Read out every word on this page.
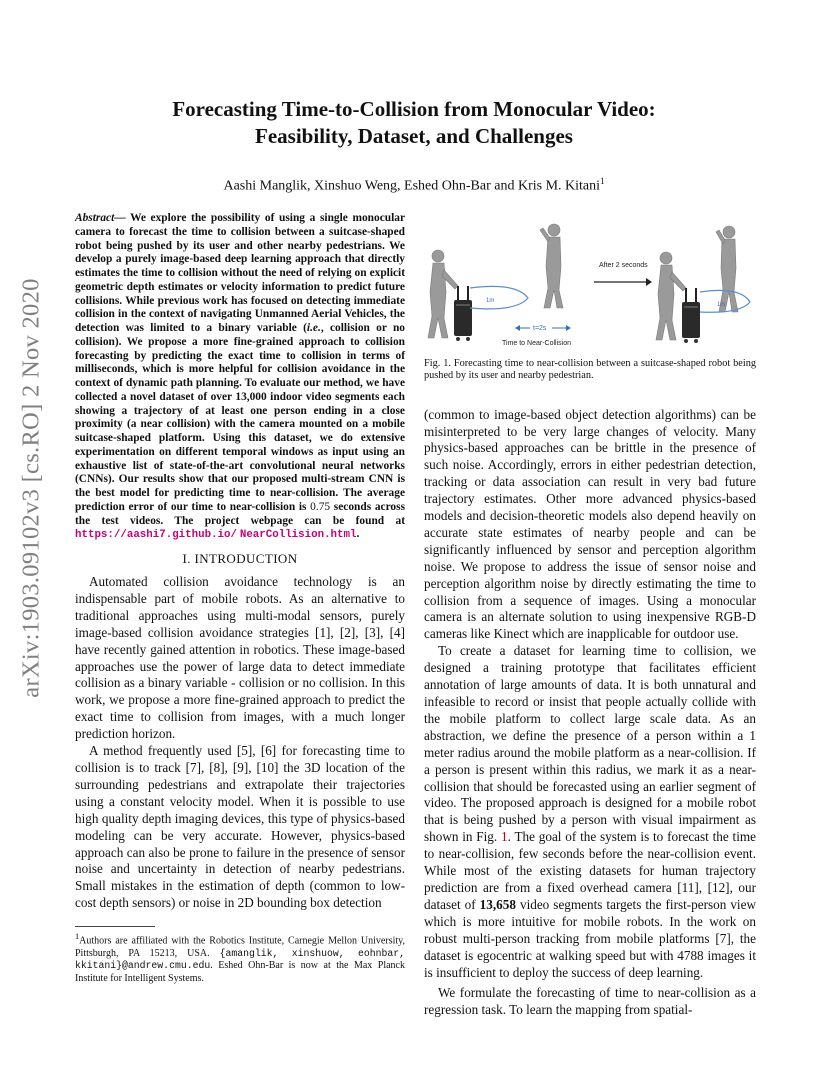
arXiv:1903.09102v3 [cs.RO] 2 Nov 2020
Forecasting Time-to-Collision from Monocular Video:
Feasibility, Dataset, and Challenges
Aashi Manglik, Xinshuo Weng, Eshed Ohn-Bar and Kris M. Kitani$^1$
Abstract— We explore the possibility of using a single monocular camera to forecast the time to collision between a suitcase-shaped robot being pushed by its user and other nearby pedestrians. We develop a purely image-based deep learning approach that directly estimates the time to collision without the need of relying on explicit geometric depth estimates or velocity information to predict future collisions. While previous work has focused on detecting immediate collision in the context of navigating Unmanned Aerial Vehicles, the detection was limited to a binary variable (i.e., collision or no collision). We propose a more fine-grained approach to collision forecasting by predicting the exact time to collision in terms of milliseconds, which is more helpful for collision avoidance in the context of dynamic path planning. To evaluate our method, we have collected a novel dataset of over 13,000 indoor video segments each showing a trajectory of at least one person ending in a close proximity (a near collision) with the camera mounted on a mobile suitcase-shaped platform. Using this dataset, we do extensive experimentation on different temporal windows as input using an exhaustive list of state-of-the-art convolutional neural networks (CNNs). Our results show that our proposed multi-stream CNN is the best model for predicting time to near-collision. The average prediction error of our time to near-collision is 0.75 seconds across the test videos. The project webpage can be found at https://aashi7.github.io/ NearCollision.html.
I. INTRODUCTION

Automated collision avoidance technology is an indispensable part of mobile robots. As an alternative to traditional approaches using multi-modal sensors, purely image-based collision avoidance strategies [1], [2], [3], [4] have recently gained attention in robotics. These image-based approaches use the power of large data to detect immediate collision as a binary variable - collision or no collision. In this work, we propose a more fine-grained approach to predict the exact time to collision from images, with a much longer prediction horizon.

A method frequently used [5], [6] for forecasting time to collision is to track [7], [8], [9], [10] the 3D location of the surrounding pedestrians and extrapolate their trajectories using a constant velocity model. When it is possible to use high quality depth imaging devices, this type of physics-based modeling can be very accurate. However, physics-based approach can also be prone to failure in the presence of sensor noise and uncertainty in detection of nearby pedestrians. Small mistakes in the estimation of depth (common to low-cost depth sensors) or noise in 2D bounding box detection

$^1$Authors are affiliated with the Robotics Institute, Carnegie Mellon University, Pittsburgh, PA 15213, USA. {amanglik, xinshuow, eohnbar, kkitani}@andrew.cmu.edu. Eshed Ohn-Bar is now at the Max Planck Institute for Intelligent Systems.
1m
After 2 seconds
1m
t=2s
Time to Near-Collision
Fig. 1. Forecasting time to near-collision between a suitcase-shaped robot being pushed by its user and nearby pedestrian.

(common to image-based object detection algorithms) can be misinterpreted to be very large changes of velocity. Many physics-based approaches can be brittle in the presence of such noise. Accordingly, errors in either pedestrian detection, tracking or data association can result in very bad future trajectory estimates. Other more advanced physics-based models and decision-theoretic models also depend heavily on accurate state estimates of nearby people and can be significantly influenced by sensor and perception algorithm noise. We propose to address the issue of sensor noise and perception algorithm noise by directly estimating the time to collision from a sequence of images. Using a monocular camera is an alternate solution to using inexpensive RGB-D cameras like Kinect which are inapplicable for outdoor use.

To create a dataset for learning time to collision, we designed a training prototype that facilitates efficient annotation of large amounts of data. It is both unnatural and infeasible to record or insist that people actually collide with the mobile platform to collect large scale data. As an abstraction, we define the presence of a person within a 1 meter radius around the mobile platform as a near-collision. If a person is present within this radius, we mark it as a near-collision that should be forecasted using an earlier segment of video. The proposed approach is designed for a mobile robot that is being pushed by a person with visual impairment as shown in Fig. 1. The goal of the system is to forecast the time to near-collision, few seconds before the near-collision event. While most of the existing datasets for human trajectory prediction are from a fixed overhead camera [11], [12], our dataset of 13,658 video segments targets the first-person view which is more intuitive for mobile robots. In the work on robust multi-person tracking from mobile platforms [7], the dataset is egocentric at walking speed but with 4788 images it is insufficient to deploy the success of deep learning.

We formulate the forecasting of time to near-collision as a regression task. To learn the mapping from spatial-
